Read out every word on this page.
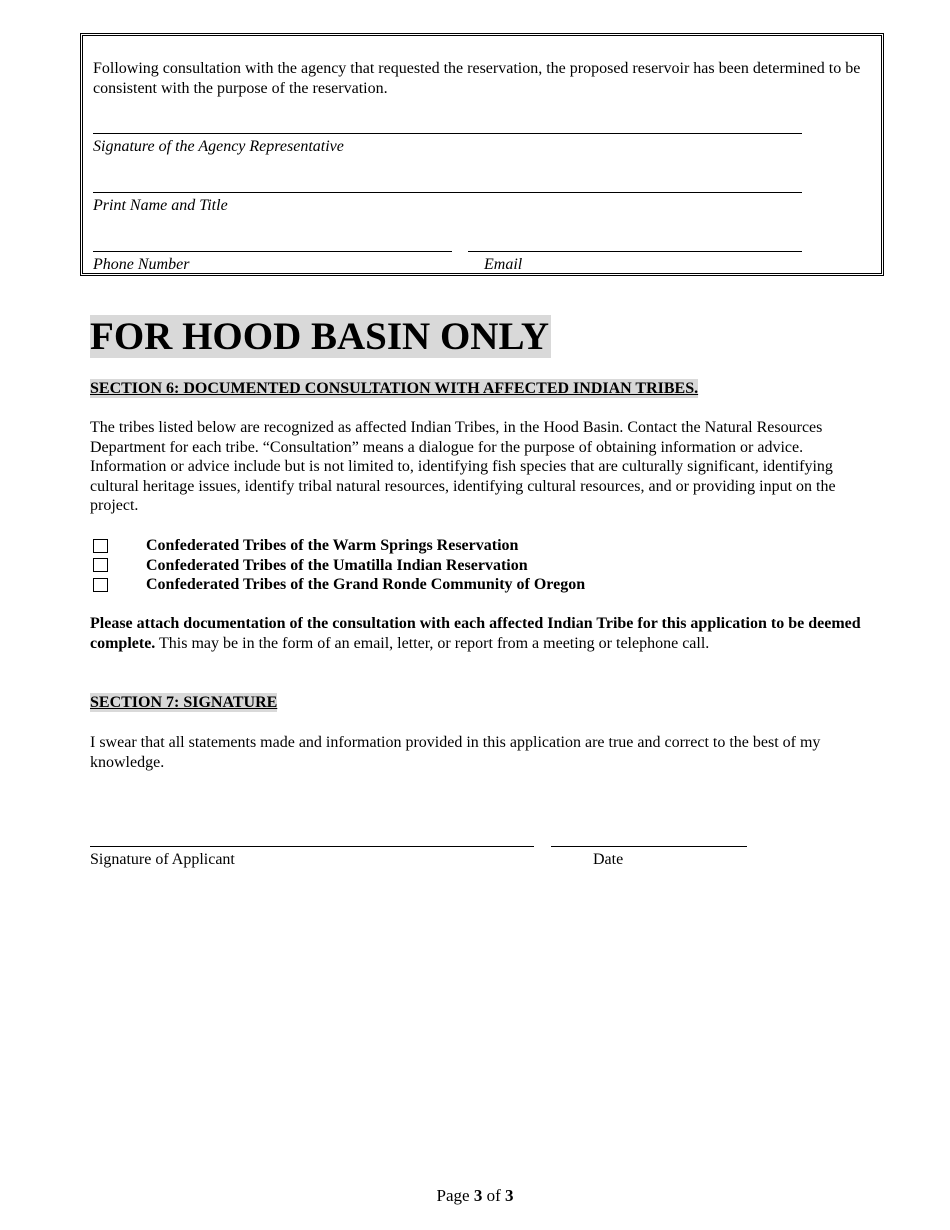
Following consultation with the agency that requested the reservation, the proposed reservoir has been determined to be consistent with the purpose of the reservation.

Signature of the Agency Representative

Print Name and Title

Phone Number	Email

FOR HOOD BASIN ONLY
SECTION 6: DOCUMENTED CONSULTATION WITH AFFECTED INDIAN TRIBES.

The tribes listed below are recognized as affected Indian Tribes, in the Hood Basin. Contact the Natural Resources Department for each tribe. “Consultation” means a dialogue for the purpose of obtaining information or advice. Information or advice include but is not limited to, identifying fish species that are culturally significant, identifying cultural heritage issues, identify tribal natural resources, identifying cultural resources, and or providing input on the project.

Confederated Tribes of the Warm Springs Reservation
Confederated Tribes of the Umatilla Indian Reservation
Confederated Tribes of the Grand Ronde Community of Oregon

Please attach documentation of the consultation with each affected Indian Tribe for this application to be deemed complete. This may be in the form of an email, letter, or report from a meeting or telephone call.

SECTION 7: SIGNATURE

I swear that all statements made and information provided in this application are true and correct to the best of my knowledge.

Signature of Applicant	Date

Page 3 of 3
